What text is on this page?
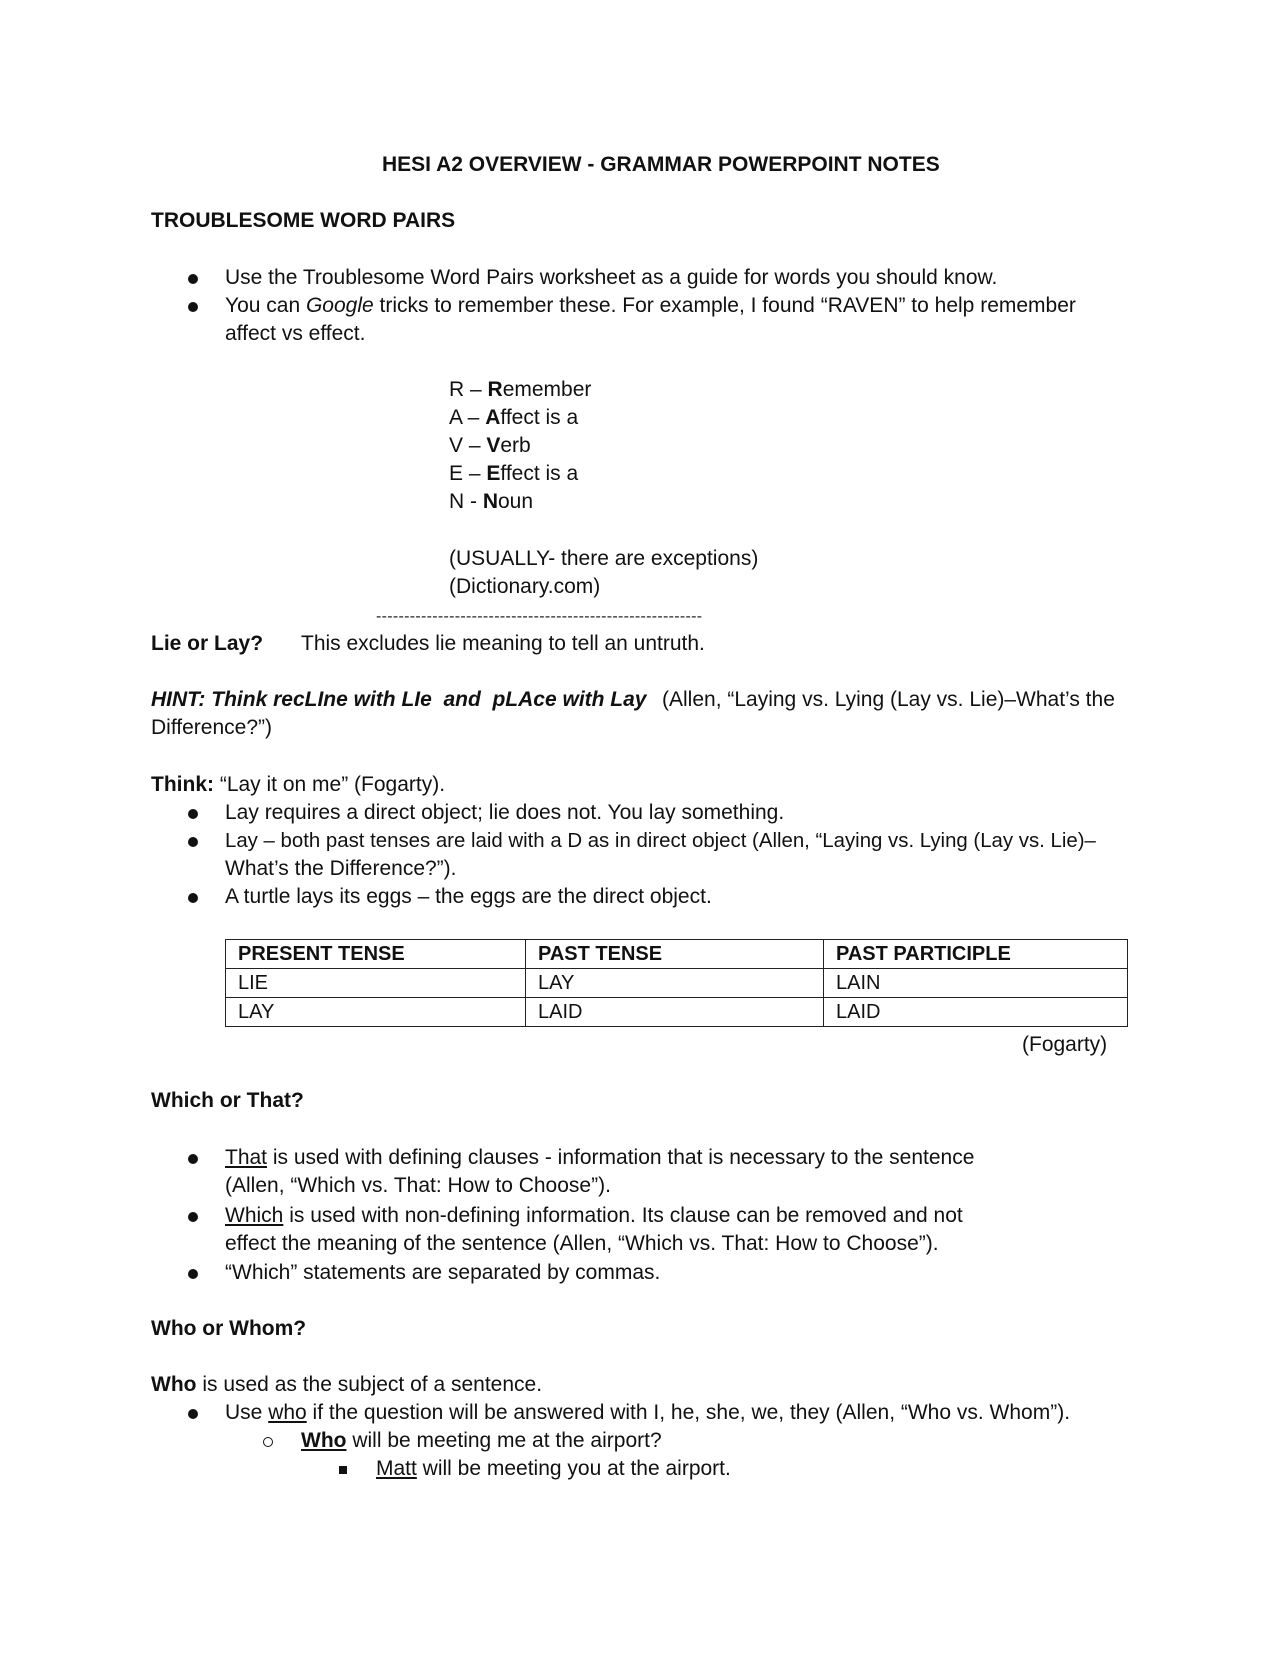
HESI A2 OVERVIEW - GRAMMAR POWERPOINT NOTES
TROUBLESOME WORD PAIRS
Use the Troublesome Word Pairs worksheet as a guide for words you should know.
You can Google tricks to remember these. For example, I found “RAVEN” to help remember
affect vs effect.
R – Remember
A – Affect is a
V – Verb
E – Effect is a
N - Noun
(USUALLY- there are exceptions)
(Dictionary.com)
----------------------------------------------------------
Lie or Lay? This excludes lie meaning to tell an untruth.
HINT: Think recLIne with LIe  and  pLAce with Lay (Allen, “Laying vs. Lying (Lay vs. Lie)–What’s the
Difference?”)
Think: “Lay it on me” (Fogarty).
Lay requires a direct object; lie does not. You lay something.
Lay – both past tenses are laid with a D as in direct object (Allen, “Laying vs. Lying (Lay vs. Lie)–
What’s the Difference?”).
A turtle lays its eggs – the eggs are the direct object.
PRESENT TENSE	PAST TENSE	PAST PARTICIPLE
LIE	LAY	LAIN
LAY	LAID	LAID
(Fogarty)
Which or That?
That is used with defining clauses - information that is necessary to the sentence
(Allen, “Which vs. That: How to Choose”).
Which is used with non-defining information. Its clause can be removed and not
effect the meaning of the sentence (Allen, “Which vs. That: How to Choose”).
“Which” statements are separated by commas.
Who or Whom?
Who is used as the subject of a sentence.
Use who if the question will be answered with I, he, she, we, they (Allen, “Who vs. Whom”).
Who will be meeting me at the airport?
Matt will be meeting you at the airport.
